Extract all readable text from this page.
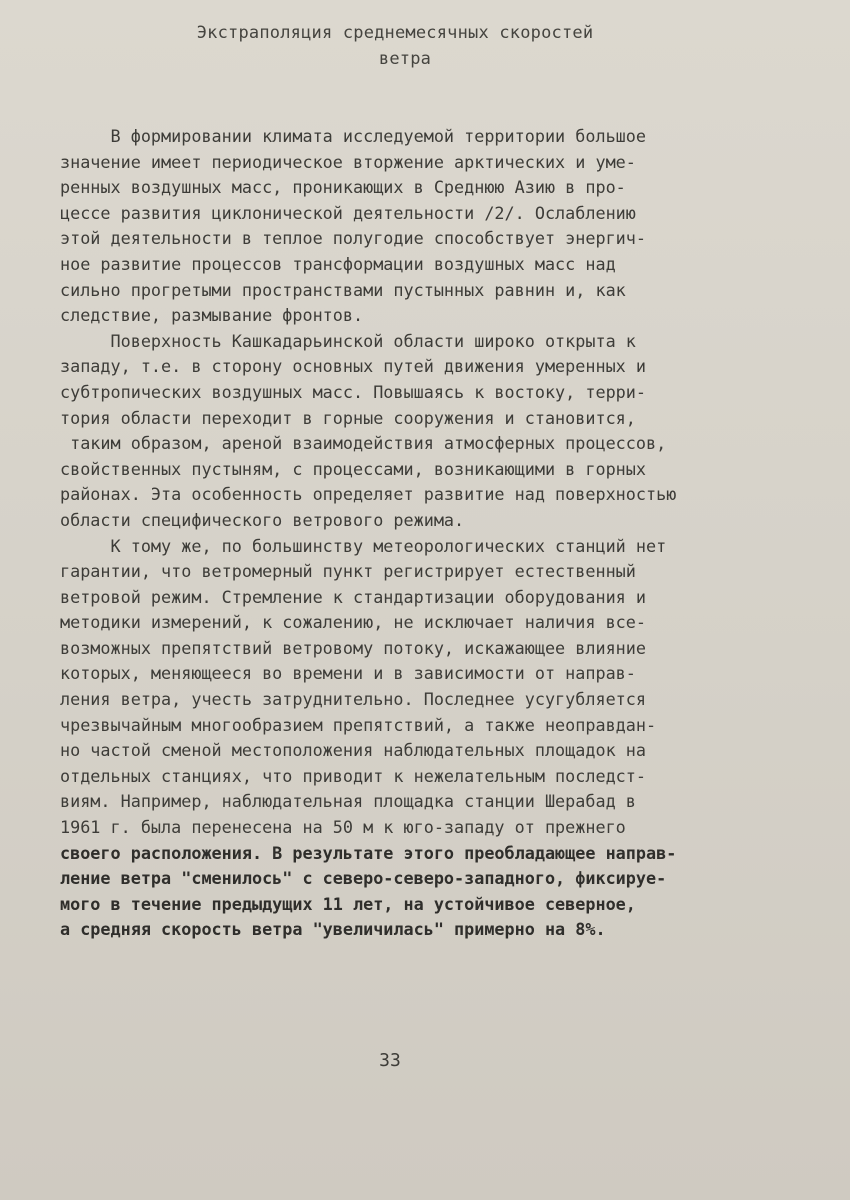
Экстраполяция среднемесячных скоростей
ветра
В формировании климата исследуемой территории большое
значение имеет периодическое вторжение арктических и уме-
ренных воздушных масс, проникающих в Среднюю Азию в про-
цессе развития циклонической деятельности /2/. Ослаблению
этой деятельности в теплое полугодие способствует энергич-
ное развитие процессов трансформации воздушных масс над
сильно прогретыми пространствами пустынных равнин и, как
следствие, размывание фронтов.
Поверхность Кашкадарьинской области широко открыта к
западу, т.е. в сторону основных путей движения умеренных и
субтропических воздушных масс. Повышаясь к востоку, терри-
тория области переходит в горные сооружения и становится,
таким образом, ареной взаимодействия атмосферных процессов,
свойственных пустыням, с процессами, возникающими в горных
районах. Эта особенность определяет развитие над поверхностью
области специфического ветрового режима.
К тому же, по большинству метеорологических станций нет
гарантии, что ветромерный пункт регистрирует естественный
ветровой режим. Стремление к стандартизации оборудования и
методики измерений, к сожалению, не исключает наличия все-
возможных препятствий ветровому потоку, искажающее влияние
которых, меняющееся во времени и в зависимости от направ-
ления ветра, учесть затруднительно. Последнее усугубляется
чрезвычайным многообразием препятствий, а также неоправдан-
но частой сменой местоположения наблюдательных площадок на
отдельных станциях, что приводит к нежелательным последст-
виям. Например, наблюдательная площадка станции Шерабад в
1961 г. была перенесена на 50 м к юго-западу от прежнего
своего расположения. В результате этого преобладающее направ-
ление ветра "сменилось" с северо-северо-западного, фиксируе-
мого в течение предыдущих 11 лет, на устойчивое северное,
а средняя скорость ветра "увеличилась" примерно на 8%.
33
